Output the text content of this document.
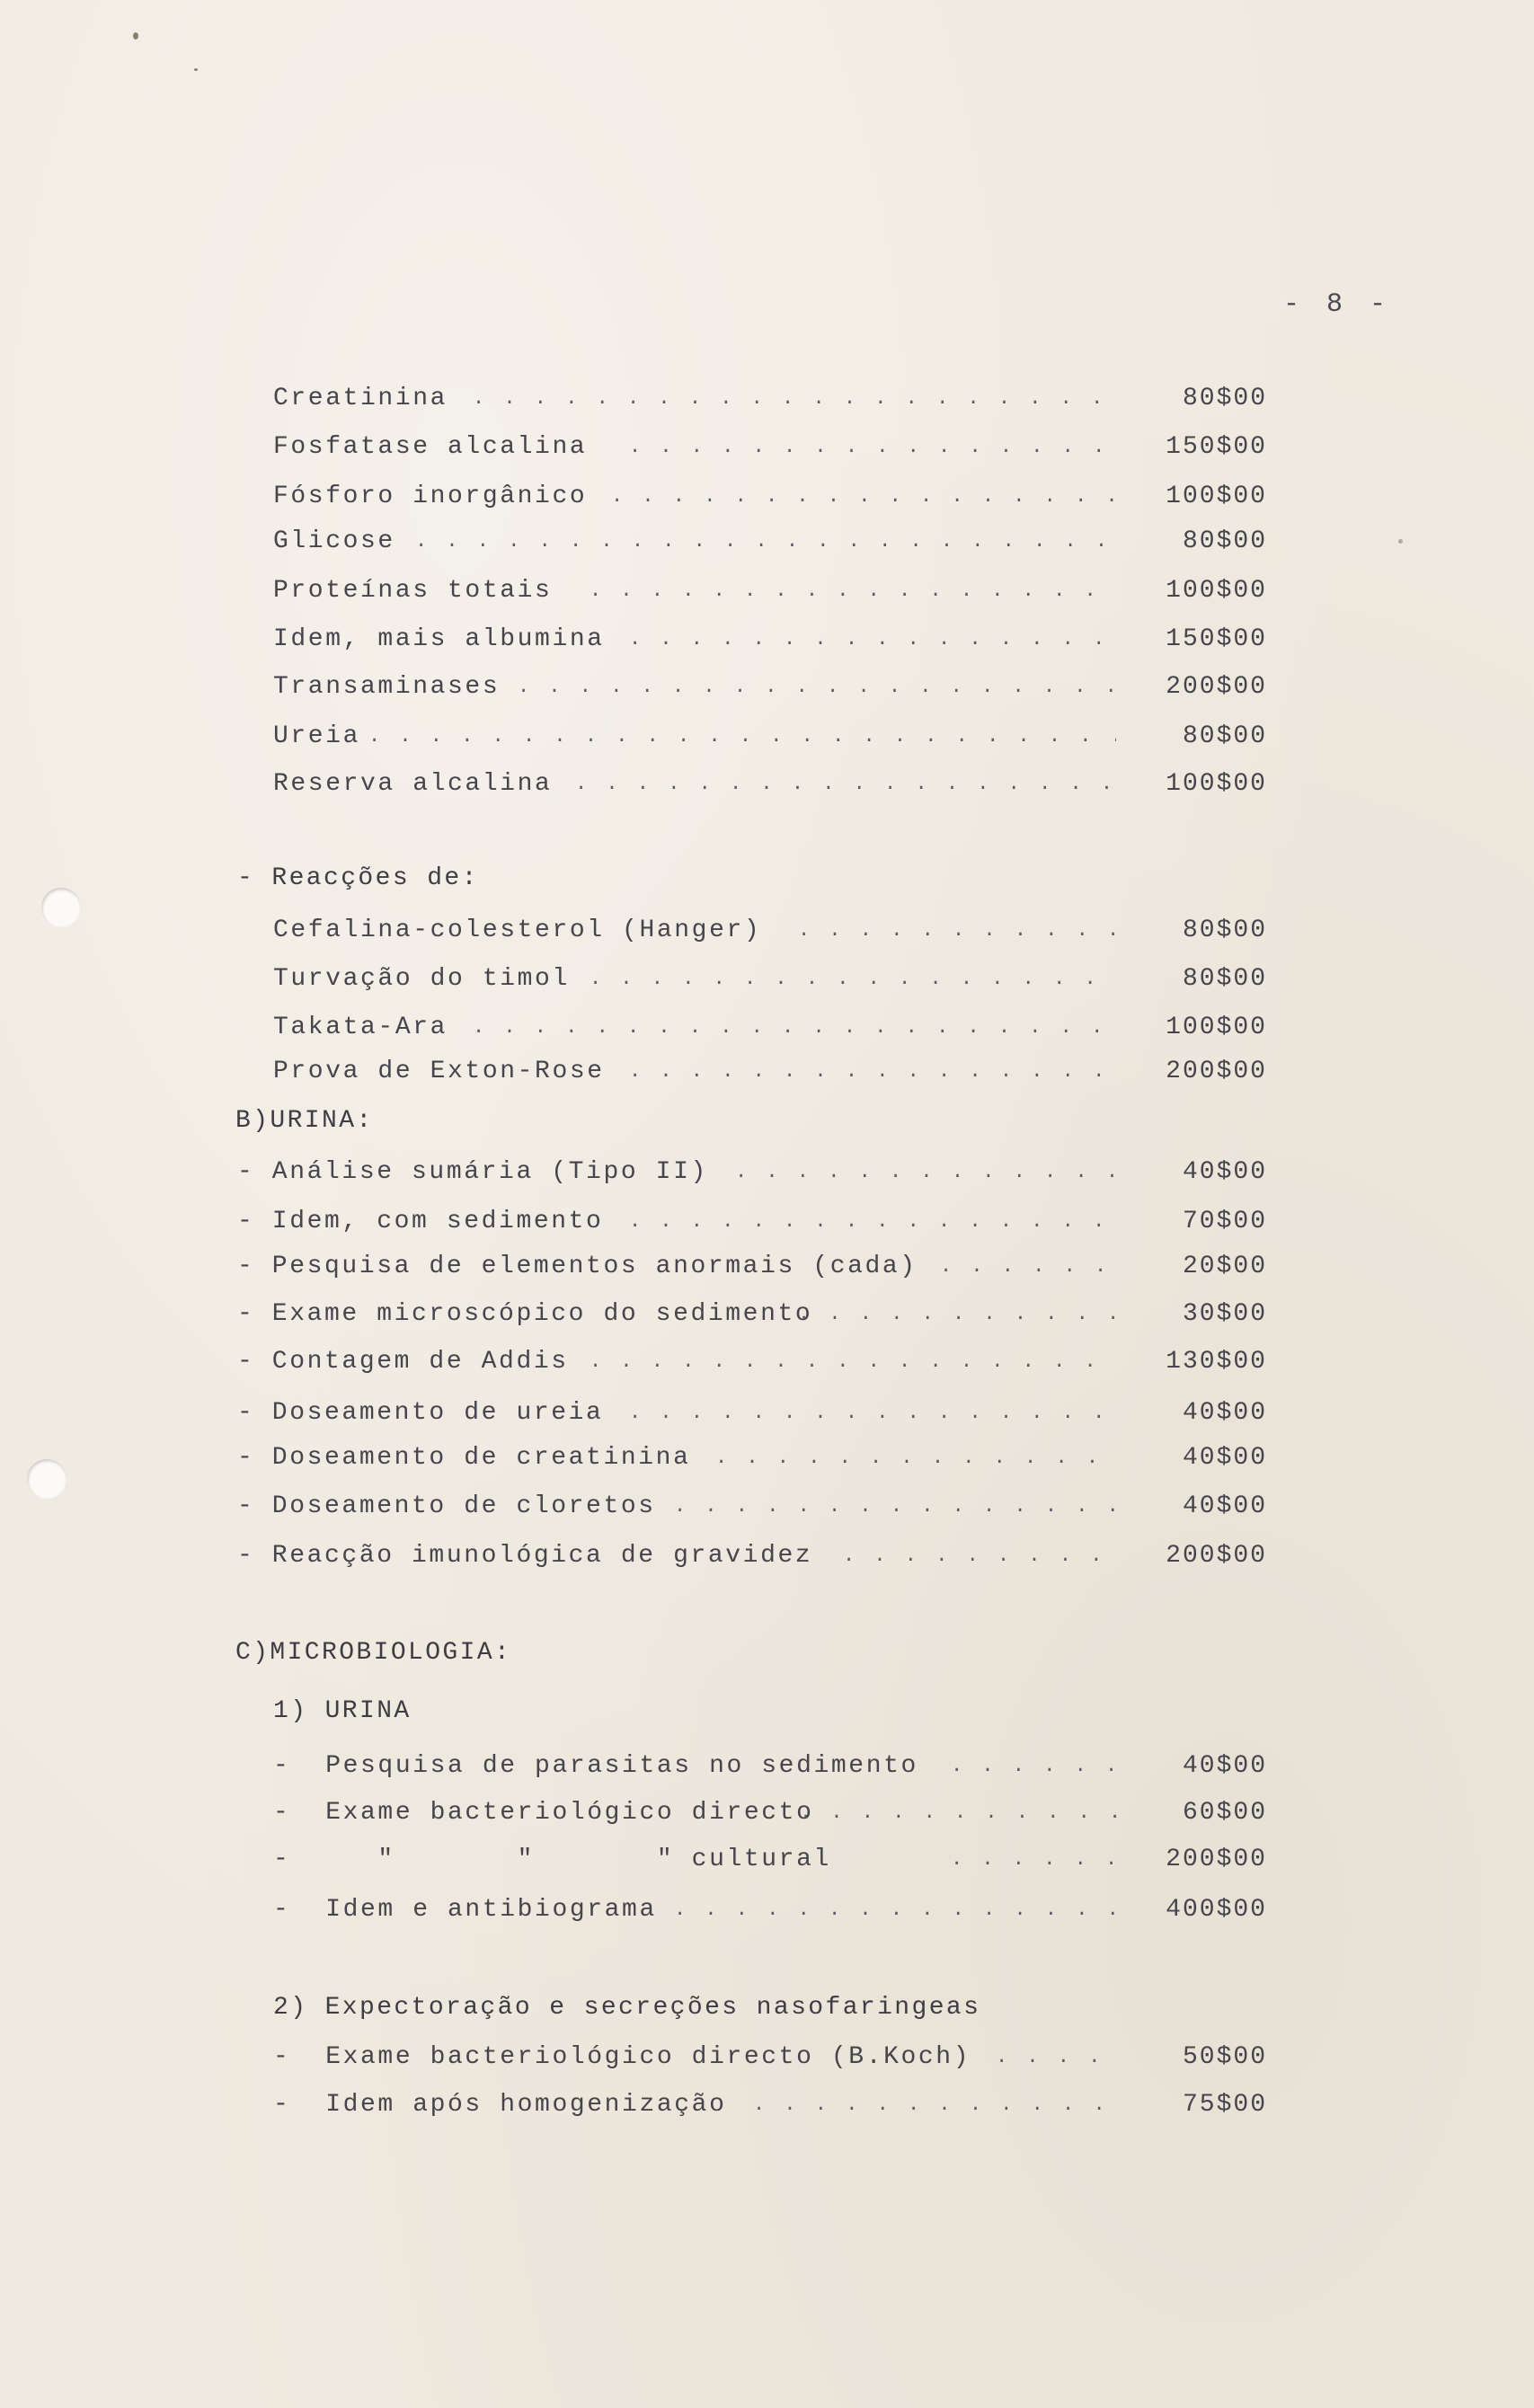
- 8 -
Creatinina . . .	80$00
Fosfatase alcalina . . .	150$00
Fósforo inorgânico . . .	100$00
Glicose . . .	80$00
Proteínas totais . . .	100$00
Idem, mais albumina . . .	150$00
Transaminases . . .	200$00
Ureia . . .	80$00
Reserva alcalina . . .	100$00
- Reacções de:
Cefalina-colesterol (Hanger) . . .	80$00
Turvação do timol . . .	80$00
Takata-Ara . . .	100$00
Prova de Exton-Rose . . .	200$00
B)URINA:
- Análise sumária (Tipo II) . . .	40$00
- Idem, com sedimento . . .	70$00
- Pesquisa de elementos anormais (cada) . . .	20$00
- Exame microscópico do sedimento . . .	30$00
- Contagem de Addis . . .	130$00
- Doseamento de ureia . . .	40$00
- Doseamento de creatinina . . .	40$00
- Doseamento de cloretos . . .	40$00
- Reacção imunológica de gravidez . . .	200$00
C)MICROBIOLOGIA:
1) URINA
-  Pesquisa de parasitas no sedimento . . .	40$00
-  Exame bacteriológico directo . . .	60$00
-     "       "       " cultural . . .	200$00
-  Idem e antibiograma . . .	400$00
2) Expectoração e secreções nasofaringeas
-  Exame bacteriológico directo (B.Koch) . . .	50$00
-  Idem após homogenização . . .	75$00
